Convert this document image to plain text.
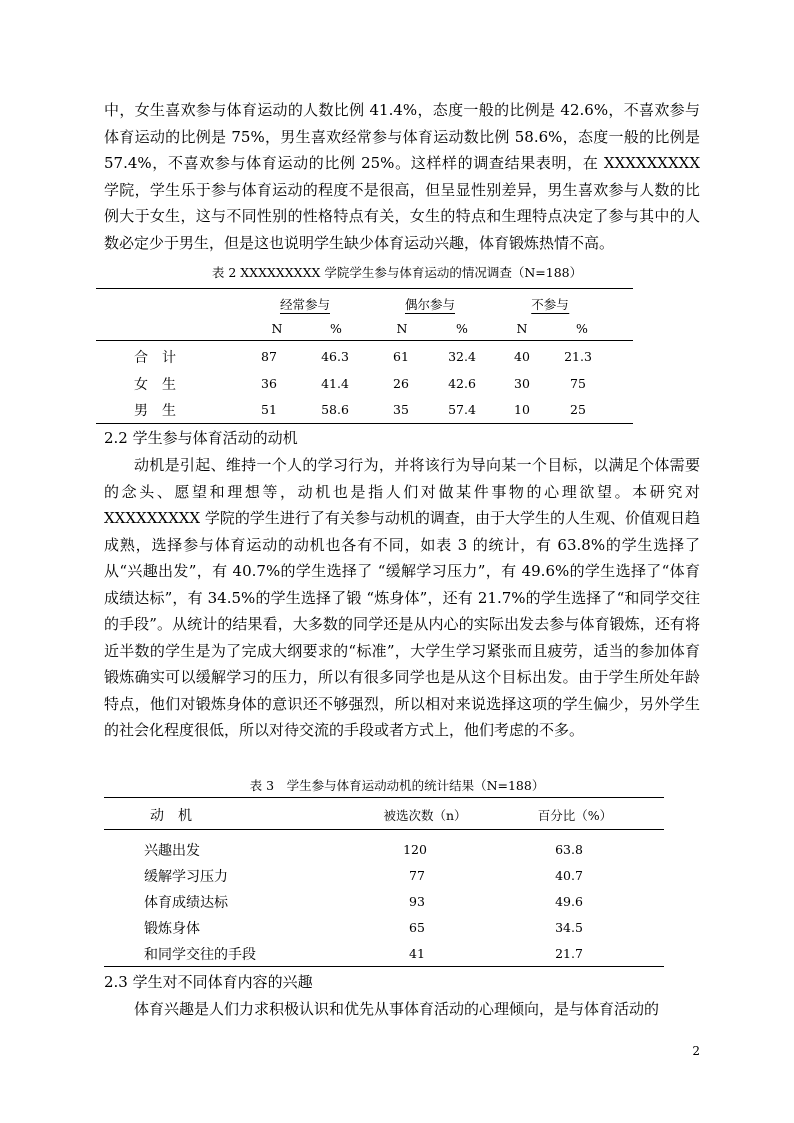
中，女生喜欢参与体育运动的人数比例 41.4%，态度一般的比例是 42.6%，不喜欢参与体育运动的比例是 75%，男生喜欢经常参与体育运动数比例 58.6%，态度一般的比例是 57.4%，不喜欢参与体育运动的比例 25%。这样样的调查结果表明，在 XXXXXXXXX 学院，学生乐于参与体育运动的程度不是很高，但呈显性别差异，男生喜欢参与人数的比例大于女生，这与不同性别的性格特点有关，女生的特点和生理特点决定了参与其中的人数必定少于男生，但是这也说明学生缺少体育运动兴趣，体育锻炼热情不高。

表 2 XXXXXXXXX 学院学生参与体育运动的情况调查（N=188）
经常参与	偶尔参与	不参与
N	%	N	%	N	%
合　计	87	46.3	61	32.4	40	21.3
女　生	36	41.4	26	42.6	30	75
男　生	51	58.6	35	57.4	10	25
2.2 学生参与体育活动的动机

动机是引起、维持一个人的学习行为，并将该行为导向某一个目标，以满足个体需要的念头、愿望和理想等，动机也是指人们对做某件事物的心理欲望。本研究对 XXXXXXXXX 学院的学生进行了有关参与动机的调查，由于大学生的人生观、价值观日趋成熟，选择参与体育运动的动机也各有不同，如表 3 的统计，有 63.8%的学生选择了从“兴趣出发”，有 40.7%的学生选择了 “缓解学习压力”，有 49.6%的学生选择了“体育成绩达标”，有 34.5%的学生选择了锻 “炼身体”，还有 21.7%的学生选择了“和同学交往的手段”。从统计的结果看，大多数的同学还是从内心的实际出发去参与体育锻炼，还有将近半数的学生是为了完成大纲要求的“标准”，大学生学习紧张而且疲劳，适当的参加体育锻炼确实可以缓解学习的压力，所以有很多同学也是从这个目标出发。由于学生所处年龄特点，他们对锻炼身体的意识还不够强烈，所以相对来说选择这项的学生偏少，另外学生的社会化程度很低，所以对待交流的手段或者方式上，他们考虑的不多。

表 3　学生参与体育运动动机的统计结果（N=188）
动　机	被选次数（n）	百分比（%）
兴趣出发	120	63.8
缓解学习压力	77	40.7
体育成绩达标	93	49.6
锻炼身体	65	34.5
和同学交往的手段	41	21.7
2.3 学生对不同体育内容的兴趣

体育兴趣是人们力求积极认识和优先从事体育活动的心理倾向，是与体育活动的

2
